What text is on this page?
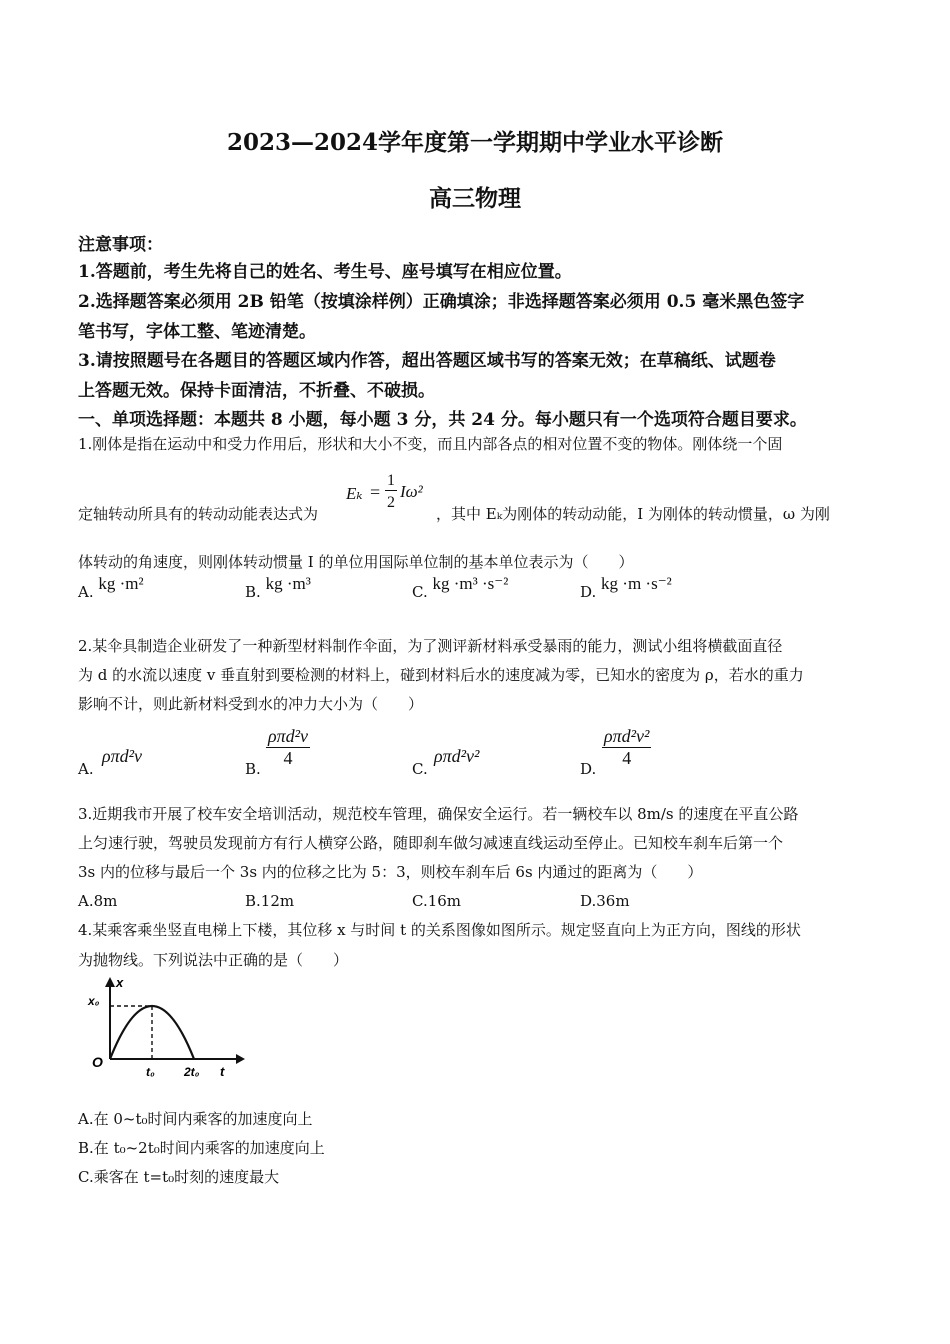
2023—2024学年度第一学期期中学业水平诊断
高三物理
注意事项：
1.答题前，考生先将自己的姓名、考生号、座号填写在相应位置。
2.选择题答案必须用 2B 铅笔（按填涂样例）正确填涂；非选择题答案必须用 0.5 毫米黑色签字
笔书写，字体工整、笔迹清楚。
3.请按照题号在各题目的答题区域内作答，超出答题区域书写的答案无效；在草稿纸、试题卷
上答题无效。保持卡面清洁，不折叠、不破损。
一、单项选择题：本题共 8 小题，每小题 3 分，共 24 分。每小题只有一个选项符合题目要求。
1.刚体是指在运动中和受力作用后，形状和大小不变，而且内部各点的相对位置不变的物体。刚体绕一个固
定轴转动所具有的转动动能表达式为
Eₖ =
1
2
Iω²
，其中 Eₖ为刚体的转动动能，I 为刚体的转动惯量，ω 为刚
体转动的角速度，则刚体转动惯量 I 的单位用国际单位制的基本单位表示为（　　）
A. kg ·m²	B. kg ·m³	C. kg ·m³ ·s⁻²	D. kg ·m ·s⁻²
2.某伞具制造企业研发了一种新型材料制作伞面，为了测评新材料承受暴雨的能力，测试小组将横截面直径
为 d 的水流以速度 v 垂直射到要检测的材料上，碰到材料后水的速度减为零，已知水的密度为 ρ，若水的重力
影响不计，则此新材料受到水的冲力大小为（　　）
A.
ρπd²v
B. $\frac{\text{ρπd²v}}{4}$	C.
ρπd²v²
D. $\frac{\text{ρπd²v²}}{4}$
3.近期我市开展了校车安全培训活动，规范校车管理，确保安全运行。若一辆校车以 8m/s 的速度在平直公路
上匀速行驶，驾驶员发现前方有行人横穿公路，随即刹车做匀减速直线运动至停止。已知校车刹车后第一个
3s 内的位移与最后一个 3s 内的位移之比为 5：3，则校车刹车后 6s 内通过的距离为（　　）
A.8m	B.12m	C.16m	D.36m
4.某乘客乘坐竖直电梯上下楼，其位移 x 与时间 t 的关系图像如图所示。规定竖直向上为正方向，图线的形状
为抛物线。下列说法中正确的是（　　）
x
x₀
O
t₀ 2t₀ t
A.在 0~t₀时间内乘客的加速度向上
B.在 t₀~2t₀时间内乘客的加速度向上
C.乘客在 t=t₀时刻的速度最大
